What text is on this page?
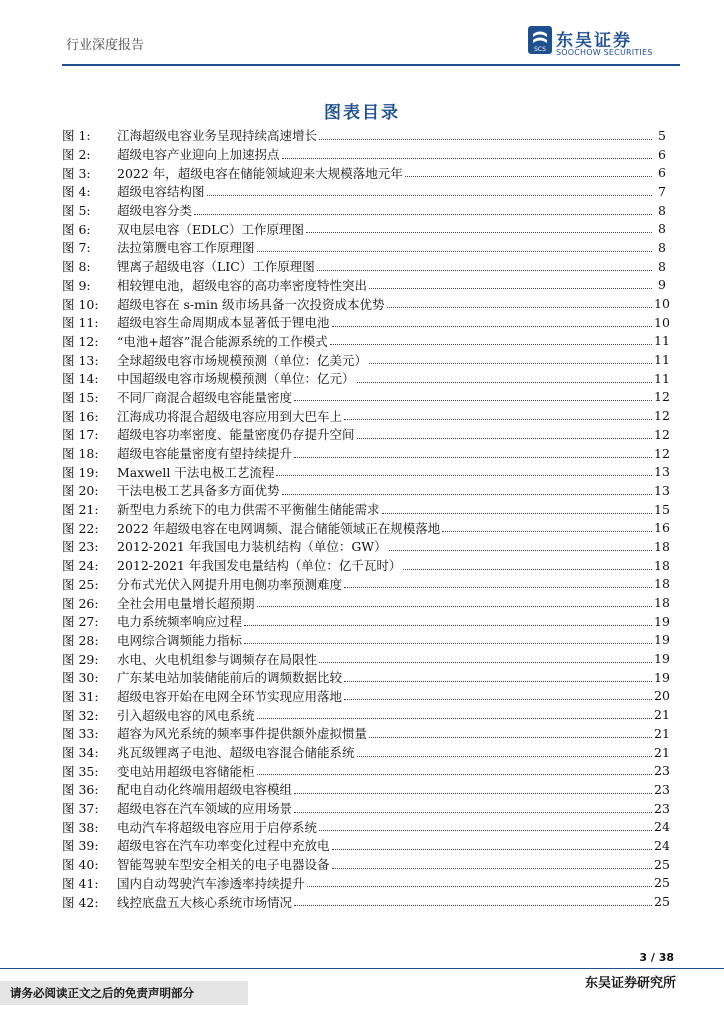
行业深度报告	SCS 东吴证券
SOOCHOW SECURITIES
图表目录
图 1:	江海超级电容业务呈现持续高速增长	5
图 2:	超级电容产业迎向上加速拐点	6
图 3:	2022 年，超级电容在储能领域迎来大规模落地元年	6
图 4:	超级电容结构图	7
图 5:	超级电容分类	8
图 6:	双电层电容（EDLC）工作原理图	8
图 7:	法拉第赝电容工作原理图	8
图 8:	锂离子超级电容（LIC）工作原理图	8
图 9:	相较锂电池，超级电容的高功率密度特性突出	9
图 10:	超级电容在 s-min 级市场具备一次投资成本优势	10
图 11:	超级电容生命周期成本显著低于锂电池	10
图 12:	“电池+超容”混合能源系统的工作模式	11
图 13:	全球超级电容市场规模预测（单位：亿美元）	11
图 14:	中国超级电容市场规模预测（单位：亿元）	11
图 15:	不同厂商混合超级电容能量密度	12
图 16:	江海成功将混合超级电容应用到大巴车上	12
图 17:	超级电容功率密度、能量密度仍存提升空间	12
图 18:	超级电容能量密度有望持续提升	12
图 19:	Maxwell 干法电极工艺流程	13
图 20:	干法电极工艺具备多方面优势	13
图 21:	新型电力系统下的电力供需不平衡催生储能需求	15
图 22:	2022 年超级电容在电网调频、混合储能领域正在规模落地	16
图 23:	2012-2021 年我国电力装机结构（单位：GW）	18
图 24:	2012-2021 年我国发电量结构（单位：亿千瓦时）	18
图 25:	分布式光伏入网提升用电侧功率预测难度	18
图 26:	全社会用电量增长超预期	18
图 27:	电力系统频率响应过程	19
图 28:	电网综合调频能力指标	19
图 29:	水电、火电机组参与调频存在局限性	19
图 30:	广东某电站加装储能前后的调频数据比较	19
图 31:	超级电容开始在电网全环节实现应用落地	20
图 32:	引入超级电容的风电系统	21
图 33:	超容为风光系统的频率事件提供额外虚拟惯量	21
图 34:	兆瓦级锂离子电池、超级电容混合储能系统	21
图 35:	变电站用超级电容储能柜	23
图 36:	配电自动化终端用超级电容模组	23
图 37:	超级电容在汽车领域的应用场景	23
图 38:	电动汽车将超级电容应用于启停系统	24
图 39:	超级电容在汽车功率变化过程中充放电	24
图 40:	智能驾驶车型安全相关的电子电器设备	25
图 41:	国内自动驾驶汽车渗透率持续提升	25
图 42:	线控底盘五大核心系统市场情况	25
3 / 38
请务必阅读正文之后的免责声明部分
东吴证券研究所
